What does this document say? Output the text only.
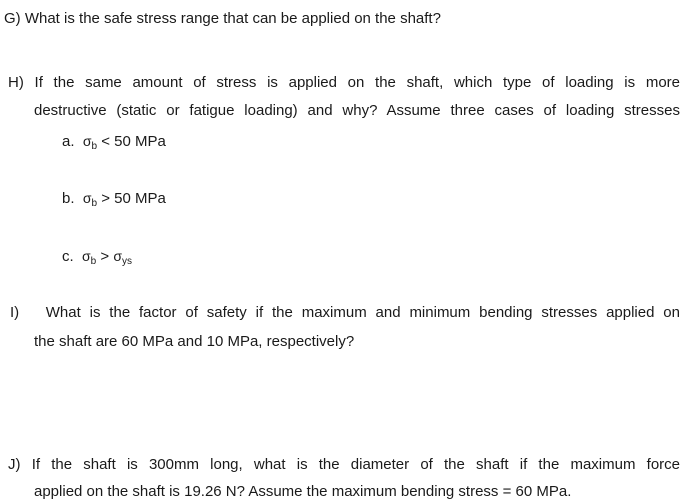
G) What is the safe stress range that can be applied on the shaft?
H) If the same amount of stress is applied on the shaft, which type of loading is more
destructive (static or fatigue loading) and why? Assume three cases of loading stresses
a. $\sigma_b < 50$ MPa
b. $\sigma_b > 50$ MPa
c. $\sigma_b > \sigma_{ys}$
I) What is the factor of safety if the maximum and minimum bending stresses applied on
the shaft are 60 MPa and 10 MPa, respectively?
J) If the shaft is 300mm long, what is the diameter of the shaft if the maximum force
applied on the shaft is 19.26 N? Assume the maximum bending stress = 60 MPa.
